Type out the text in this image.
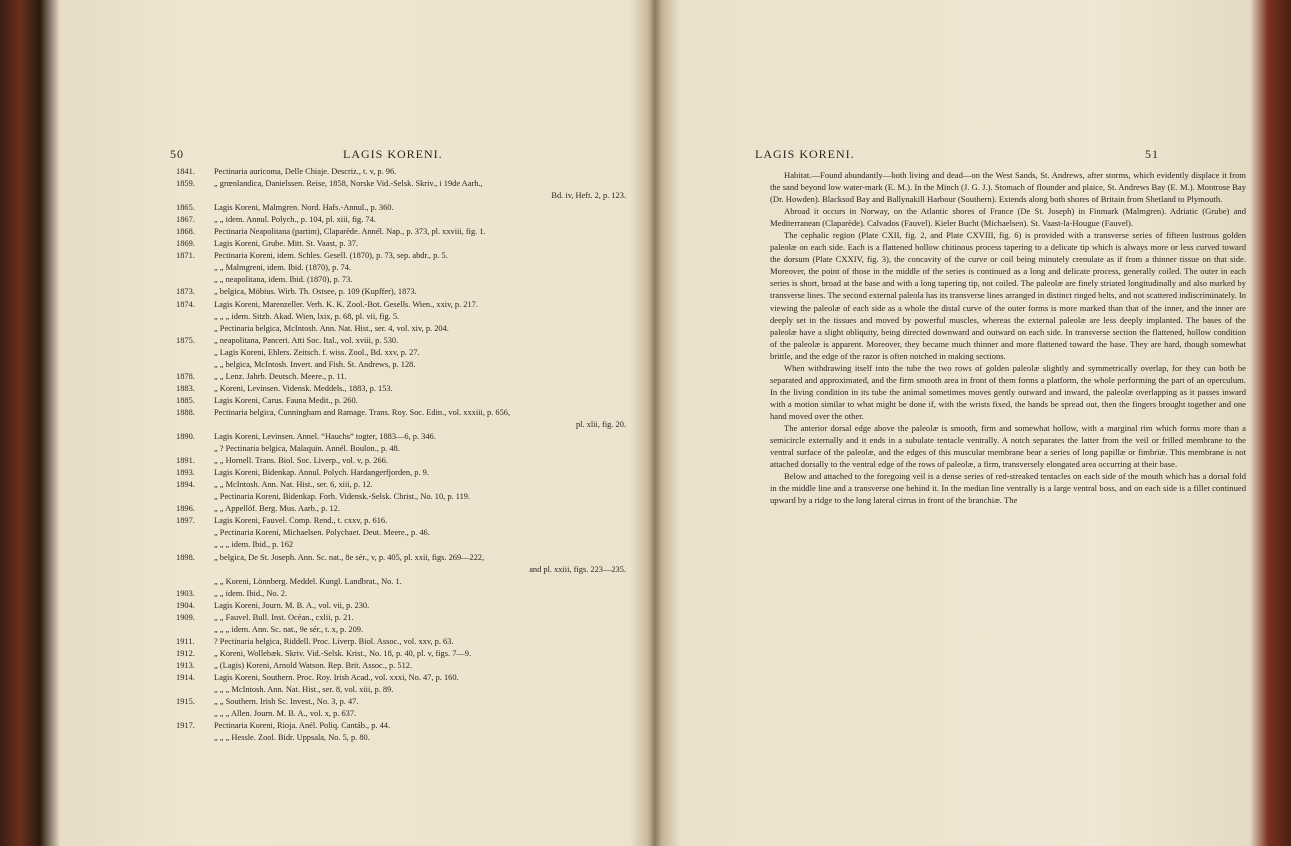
50	LAGIS KORENI.
1841.	Pectinaria auricoma, Delle Chiaje. Descriz., t. v, p. 96.
1859.	„ grœnlandica, Danielssen. Reise, 1858, Norske Vid.-Selsk. Skriv., i 19de Aarh.,
Bd. iv, Heft. 2, p. 123.
1865.	Lagis Koreni, Malmgren. Nord. Hafs.-Annul., p. 360.
1867.	„ „ idem. Annul. Polych., p. 104, pl. xiii, fig. 74.
1868.	Pectinaria Neapolitana (partim), Claparède. Annél. Nap., p. 373, pl. xxviii, fig. 1.
1869.	Lagis Koreni, Grube. Mitt. St. Vaast, p. 37.
1871.	Pectinaria Koreni, idem. Schles. Gesell. (1870), p. 73, sep. abdr., p. 5.
„ „ Malmgreni, idem. Ibid. (1870), p. 74.
„ „ neapolitana, idem. Ibid. (1870), p. 73.
1873.	„ belgica, Möbius. Wirb. Th. Ostsee, p. 109 (Kupffer), 1873.
1874.	Lagis Koreni, Marenzeller. Verh. K. K. Zool.-Bot. Gesells. Wien., xxiv, p. 217.
„ „ „ idem. Sitzb. Akad. Wien, lxix, p. 68, pl. vii, fig. 5.
„ Pectinaria belgica, McIntosh. Ann. Nat. Hist., ser. 4, vol. xiv, p. 204.
1875.	„ neapolitana, Panceri. Atti Soc. Ital., vol. xviii, p. 530.
„ Lagis Koreni, Ehlers. Zeitsch. f. wiss. Zool., Bd. xxv, p. 27.
„ „ belgica, McIntosh. Invert. and Fish. St. Andrews, p. 128.
1878.	„ „ Lenz. Jahrb. Deutsch. Meere., p. 11.
1883.	„ Koreni, Levinsen. Vidensk. Meddels., 1883, p. 153.
1885.	Lagis Koreni, Carus. Fauna Medit., p. 260.
1888.	Pectinaria belgica, Cunningham and Ramage. Trans. Roy. Soc. Edin., vol. xxxiii, p. 656,
pl. xlii, fig. 20.
1890.	Lagis Koreni, Levinsen. Annel. “Hauchs” togter, 1883—6, p. 346.
„ ? Pectinaria belgica, Malaquin. Annél. Boulon., p. 48.
1891.	„ „ Hornell. Trans. Biol. Soc. Liverp., vol. v, p. 266.
1893.	Lagis Koreni, Bidenkap. Annul. Polych. Hardangerfjorden, p. 9.
1894.	„ „ McIntosh. Ann. Nat. Hist., ser. 6, xiii, p. 12.
„ Pectinaria Koreni, Bidenkap. Forh. Vidensk.-Selsk. Christ., No. 10, p. 119.
1896.	„ „ Appellöf. Berg. Mus. Aarb., p. 12.
1897.	Lagis Koreni, Fauvel. Comp. Rend., t. cxxv, p. 616.
„ Pectinaria Koreni, Michaelsen. Polychaet. Deut. Meere., p. 46.
„ „ „ idem. Ibid., p. 162
1898.	„ belgica, De St. Joseph. Ann. Sc. nat., 8e sér., v, p. 405, pl. xxii, figs. 269—222,
and pl. xxiii, figs. 223—235.
„ „ Koreni, Lönnberg. Meddel. Kungl. Landbrat., No. 1.
1903.	„ „ idem. Ibid., No. 2.
1904.	Lagis Koreni, Journ. M. B. A., vol. vii, p. 230.
1909.	„ „ Fauvel. Bull. Inst. Océan., cxlii, p. 21.
„ „ „ idem. Ann. Sc. nat., 9e sér., t. x, p. 209.
1911.	? Pectinaria belgica, Riddell. Proc. Liverp. Biol. Assoc., vol. xxv, p. 63.
1912.	„ Koreni, Wollebæk. Skriv. Vid.-Selsk. Krist., No. 18, p. 40, pl. v, figs. 7—9.
1913.	„ (Lagis) Koreni, Arnold Watson. Rep. Brit. Assoc., p. 512.
1914.	Lagis Koreni, Southern. Proc. Roy. Irish Acad., vol. xxxi, No. 47, p. 160.
„ „ „ McIntosh. Ann. Nat. Hist., ser. 8, vol. xiii, p. 89.
1915.	„ „ Southern. Irish Sc. Invest., No. 3, p. 47.
„ „ „ Allen. Journ. M. B. A., vol. x, p. 637.
1917.	Pectinaria Koreni, Rioja. Anél. Poliq. Cantáb., p. 44.
„ „ „ Hessle. Zool. Bidr. Uppsala, No. 5, p. 80.
LAGIS KORENI.	51

Habitat.—Found abundantly—both living and dead—on the West Sands, St. Andrews, after storms, which evidently displace it from the sand beyond low water-mark (E. M.). In the Minch (J. G. J.). Stomach of flounder and plaice, St. Andrews Bay (E. M.). Montrose Bay (Dr. Howden). Blacksod Bay and Ballynakill Harbour (Southern). Extends along both shores of Britain from Shetland to Plymouth.

Abroad it occurs in Norway, on the Atlantic shores of France (De St. Joseph) in Finmark (Malmgren). Adriatic (Grube) and Mediterranean (Claparède). Calvados (Fauvel). Kieler Bucht (Michaelsen). St. Vaast-la-Hougue (Fauvel).

The cephalic region (Plate CXII, fig. 2, and Plate CXVIII, fig. 6) is provided with a transverse series of fifteen lustrous golden paleolæ on each side. Each is a flattened hollow chitinous process tapering to a delicate tip which is always more or less curved toward the dorsum (Plate CXXIV, fig. 3), the concavity of the curve or coil being minutely crenulate as if from a thinner tissue on that side. Moreover, the point of those in the middle of the series is continued as a long and delicate process, generally coiled. The outer in each series is short, broad at the base and with a long tapering tip, not coiled. The paleolæ are finely striated longitudinally and also marked by transverse lines. The second external paleola has its transverse lines arranged in distinct ringed belts, and not scattered indiscriminately. In viewing the paleolæ of each side as a whole the distal curve of the outer forms is more marked than that of the inner, and the inner are deeply set in the tissues and moved by powerful muscles, whereas the external paleolæ are less deeply implanted. The bases of the paleolæ have a slight obliquity, being directed downward and outward on each side. In transverse section the flattened, hollow condition of the paleolæ is apparent. Moreover, they became much thinner and more flattened toward the base. They are hard, though somewhat brittle, and the edge of the razor is often notched in making sections.

When withdrawing itself into the tube the two rows of golden paleolæ slightly and symmetrically overlap, for they can both be separated and approximated, and the firm smooth area in front of them forms a platform, the whole performing the part of an operculum. In the living condition in its tube the animal sometimes moves gently outward and inward, the paleolæ overlapping as it passes inward with a motion similar to what might be done if, with the wrists fixed, the hands be spread out, then the fingers brought together and one hand moved over the other.

The anterior dorsal edge above the paleolæ is smooth, firm and somewhat hollow, with a marginal rim which forms more than a semicircle externally and it ends in a subulate tentacle ventrally. A notch separates the latter from the veil or frilled membrane to the ventral surface of the paleolæ, and the edges of this muscular membrane bear a series of long papillæ or fimbriæ. This membrane is not attached dorsally to the ventral edge of the rows of paleolæ, a firm, transversely elongated area occurring at their base.

Below and attached to the foregoing veil is a dense series of red-streaked tentacles on each side of the mouth which has a dorsal fold in the middle line and a transverse one behind it. In the median line ventrally is a large ventral boss, and on each side is a fillet continued upward by a ridge to the long lateral cirrus in front of the branchiæ. The
